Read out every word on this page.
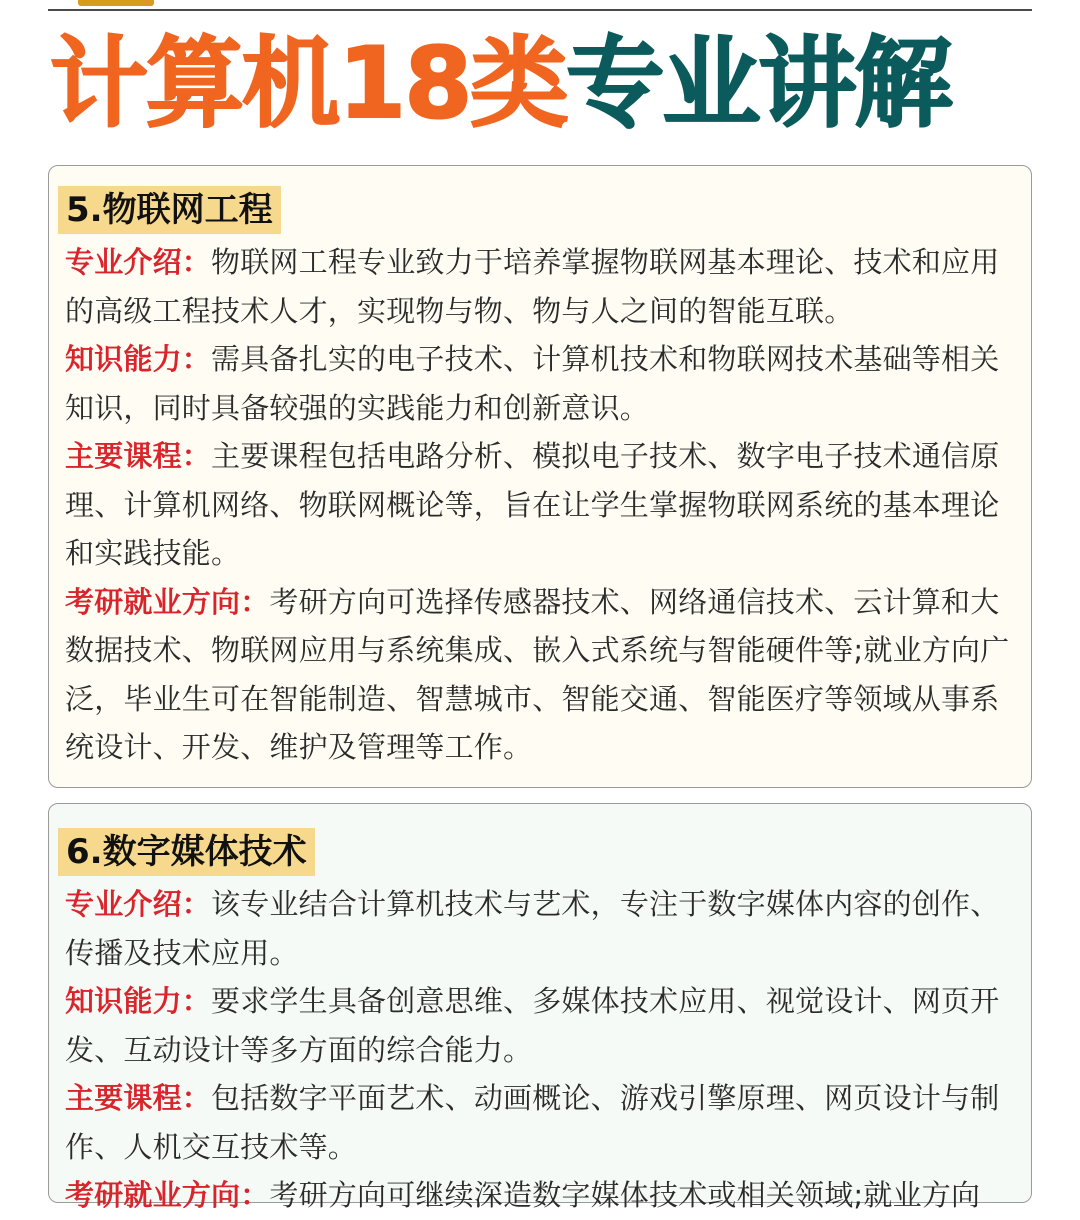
计算机18类专业讲解
5.物联网工程

专业介绍：物联网工程专业致力于培养掌握物联网基本理论、技术和应用的高级工程技术人才，实现物与物、物与人之间的智能互联。

知识能力：需具备扎实的电子技术、计算机技术和物联网技术基础等相关知识，同时具备较强的实践能力和创新意识。

主要课程：主要课程包括电路分析、模拟电子技术、数字电子技术通信原理、计算机网络、物联网概论等，旨在让学生掌握物联网系统的基本理论和实践技能。

考研就业方向：考研方向可选择传感器技术、网络通信技术、云计算和大数据技术、物联网应用与系统集成、嵌入式系统与智能硬件等;就业方向广泛，毕业生可在智能制造、智慧城市、智能交通、智能医疗等领域从事系统设计、开发、维护及管理等工作。

6.数字媒体技术

专业介绍：该专业结合计算机技术与艺术，专注于数字媒体内容的创作、传播及技术应用。

知识能力：要求学生具备创意思维、多媒体技术应用、视觉设计、网页开发、互动设计等多方面的综合能力。

主要课程：包括数字平面艺术、动画概论、游戏引擎原理、网页设计与制作、人机交互技术等。

考研就业方向：考研方向可继续深造数字媒体技术或相关领域;就业方向
